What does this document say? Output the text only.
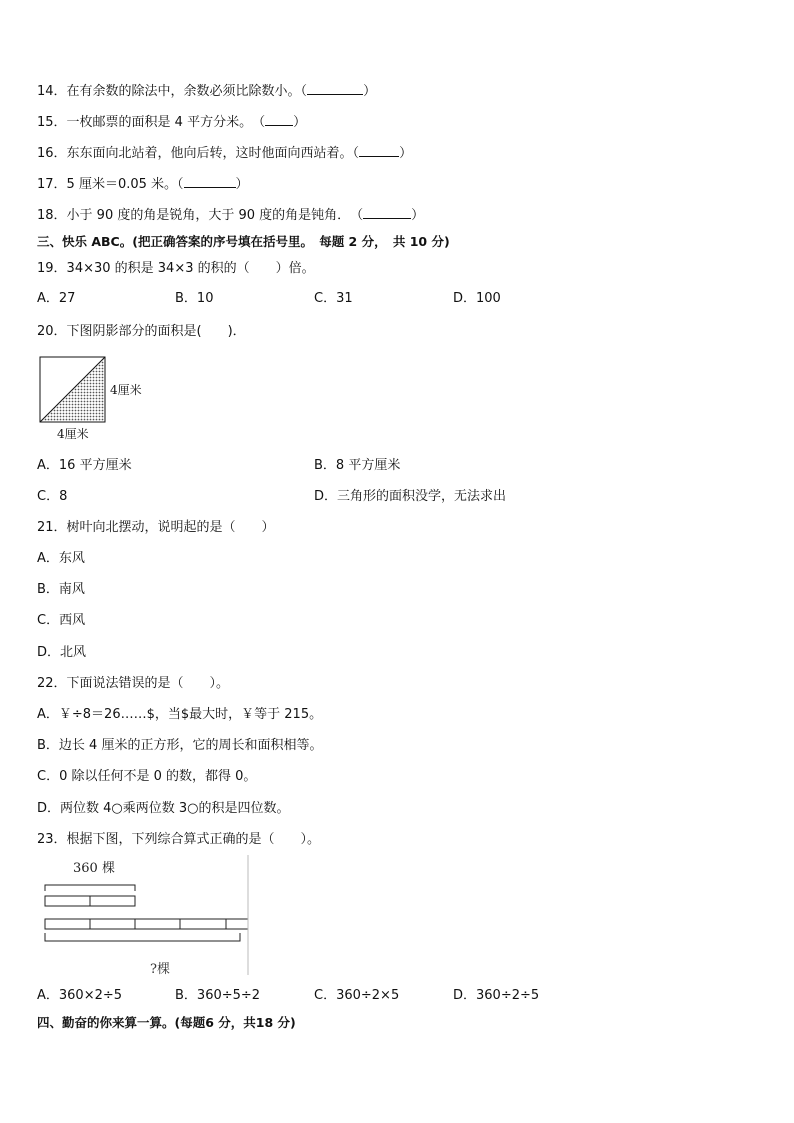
14．在有余数的除法中，余数必须比除数小。（	）
15．一枚邮票的面积是 4 平方分米。　（ ）
16．东东面向北站着，他向后转，这时他面向西站着。（	）
17．5 厘米＝0.05 米。（	）
18．小于 90 度的角是锐角，大于 90 度的角是钝角．　（	）
三、快乐 ABC。(把正确答案的序号填在括号里。　每题 2 分，　共 10 分)
19．34×30 的积是 34×3 的积的（　　）倍。
A．27	B．10	C．31	D．100
20．下图阴影部分的面积是(　　)．
4厘米
4厘米
A．16 平方厘米	B．8 平方厘米
C．8	D．三角形的面积没学，无法求出
21．树叶向北摆动，说明起的是（　　）
A．东风
B．南风
C．西风
D．北风
22．下面说法错误的是（　　）。
A．￥÷8＝26……$，当$最大时，￥等于 215。
B．边长 4 厘米的正方形，它的周长和面积相等。
C．0 除以任何不是 0 的数，都得 0。
D．两位数 4○乘两位数 3○的积是四位数。
23．根据下图，下列综合算式正确的是（　　）。
360 棵
?棵
A．360×2÷5	B．360÷5÷2	C．360÷2×5	D．360÷2÷5
四、勤奋的你来算一算。(每题6 分，共18 分)
